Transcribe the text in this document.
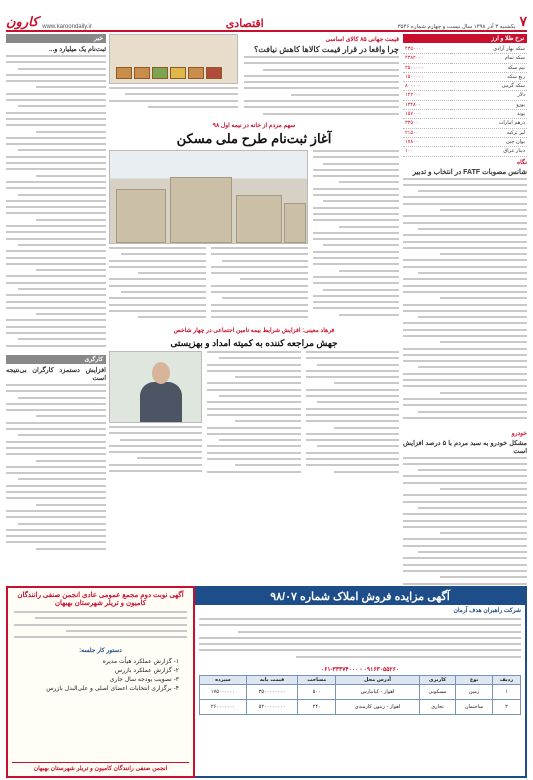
کارون www.karoondaily.ir	اقتصادی	یکشنبه ۳ آذر ۱۳۹۸ سال بیست و چهارم شماره ۳۵۴۶ ۷
نرخ طلا و ارز
سکه بهار آزادی	۴۳۵۰۰۰۰
سکه تمام	۴۳۸۲۰۰۰
نیم سکه	۲۵۰۰۰۰۰
ربع سکه	۱۵۰۰۰۰۰
سکه گرمی	۸۰۰۰۰۰
دلار	۱۲۲۰۰۰
یورو	۱۳۴۸۰۰
پوند	۱۵۷۰۰۰
درهم امارات	۳۳۵۰۰
لیر ترکیه	۲۱۵۰۰
یوان چین	۱۷۸۰۰
دینار عراق	۱۰۰
نگاه
شانس مصوبات FATF در انتخاب و تدبیر
خودرو
مشکل خودرو به سبد مردم با ۵ درصد افزایش است
قیمت جهانی ۸۵ کالای اساسی
چرا واقعا در قرار قیمت کالاها کاهش نیافت؟
سهم مردم از خانه در نیمه اول ۹۸
آغاز ثبت‌نام طرح ملی مسکن
فرهاد معینی: افزایش شرایط بیمه تامین اجتماعی در چهار شاخص
جهش مراجعه کننده به کمیته امداد و بهزیستی
خبر
ثبت‌نام یک میلیارد و...
کارگری
افزایش دستمزد کارگران بی‌نتیجه است
آگهی مزایده فروش املاک شماره ۹۸/۰۷
شرکت راهبران هدف آرمان
۰۶۱-۳۳۳۷۴۰۰۰ - ۰۹۱۶۳۰۵۵۲۶۰
ردیف	نوع	کاربری	آدرس محل	مساحت	قیمت پایه	سپرده
۱	زمین	مسکونی	اهواز - کیانپارس	۵۰۰	۳۵۰۰۰۰۰۰۰۰	۱۷۵۰۰۰۰۰۰
۲	ساختمان	تجاری	اهواز - زیتون کارمندی	۲۴۰	۵۲۰۰۰۰۰۰۰۰	۲۶۰۰۰۰۰۰۰
آگهی نوبت دوم مجمع عمومی عادی انجمن صنفی رانندگان کامیون و تریلر شهرستان بهبهان
دستور کار جلسه:
۱- گزارش عملکرد هیأت مدیره
۲- گزارش عملکرد بازرس
۳- تصویب بودجه سال جاری
۴- برگزاری انتخابات اعضای اصلی و علی‌البدل بازرس
انجمن صنفی رانندگان کامیون و تریلر شهرستان بهبهان
